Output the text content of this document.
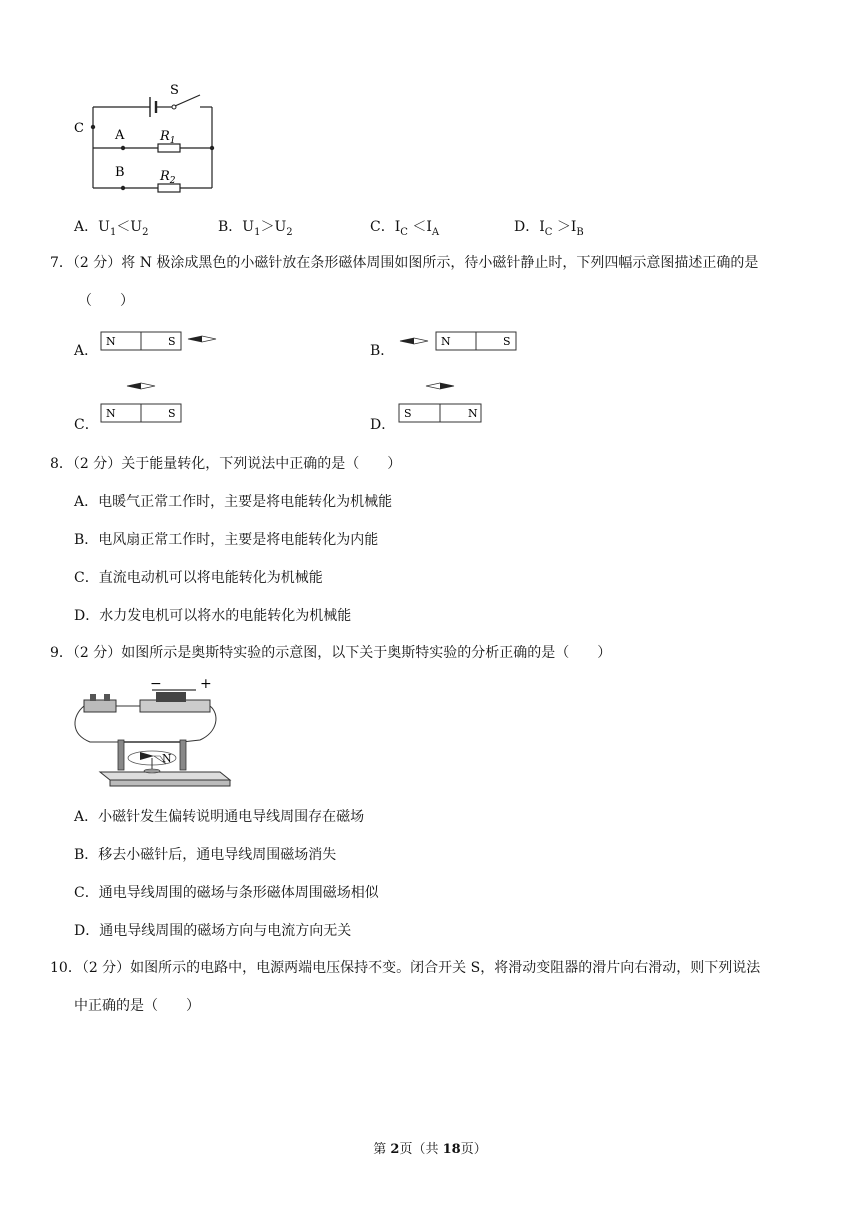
S
C A	$R_1$
B	$R_2$
A．$U_1<U_2$	B．$U_1>U_2$	C．$I_C <I_A$	D．$I_C >I_B$
7．（2 分）将 N 极涂成黑色的小磁针放在条形磁体周围如图所示，待小磁针静止时，下列四幅示意图描述正确的是
（　　）
A．
N	S
B．
N	S
C．
N	S
D．
S	N
8．（2 分）关于能量转化，下列说法中正确的是（　　）
A．电暖气正常工作时，主要是将电能转化为机械能
B．电风扇正常工作时，主要是将电能转化为内能
C．直流电动机可以将电能转化为机械能
D．水力发电机可以将水的电能转化为机械能
9．（2 分）如图所示是奥斯特实验的示意图，以下关于奥斯特实验的分析正确的是（　　）
−	+
N
A．小磁针发生偏转说明通电导线周围存在磁场
B．移去小磁针后，通电导线周围磁场消失
C．通电导线周围的磁场与条形磁体周围磁场相似
D．通电导线周围的磁场方向与电流方向无关
10．（2 分）如图所示的电路中，电源两端电压保持不变。闭合开关 S，将滑动变阻器的滑片向右滑动，则下列说法
中正确的是（　　）
第 2页（共 18页）
